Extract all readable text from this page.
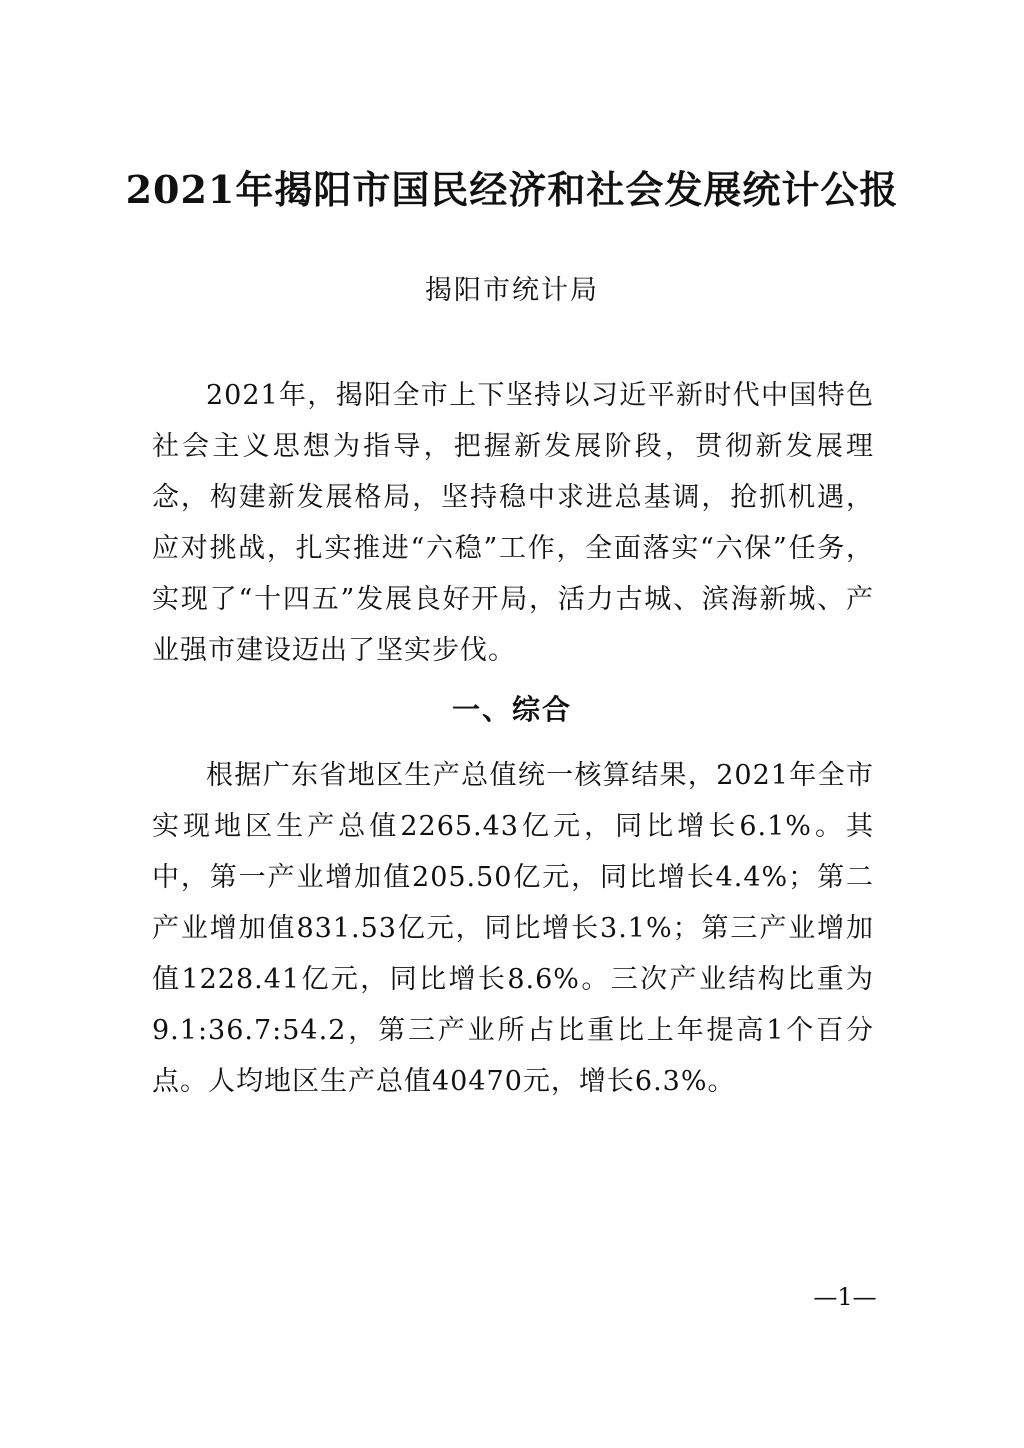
2021年揭阳市国民经济和社会发展统计公报
揭阳市统计局
2021年，揭阳全市上下坚持以习近平新时代中国特色社会主义思想为指导，把握新发展阶段，贯彻新发展理念，构建新发展格局，坚持稳中求进总基调，抢抓机遇，应对挑战，扎实推进“六稳”工作，全面落实“六保”任务，实现了“十四五”发展良好开局，活力古城、滨海新城、产业强市建设迈出了坚实步伐。
一、综合
根据广东省地区生产总值统一核算结果，2021年全市实现地区生产总值2265.43亿元，同比增长6.1%。其中，第一产业增加值205.50亿元，同比增长4.4%；第二产业增加值831.53亿元，同比增长3.1%；第三产业增加值1228.41亿元，同比增长8.6%。三次产业结构比重为9.1:36.7:54.2，第三产业所占比重比上年提高1个百分点。人均地区生产总值40470元，增长6.3%。
—1—
